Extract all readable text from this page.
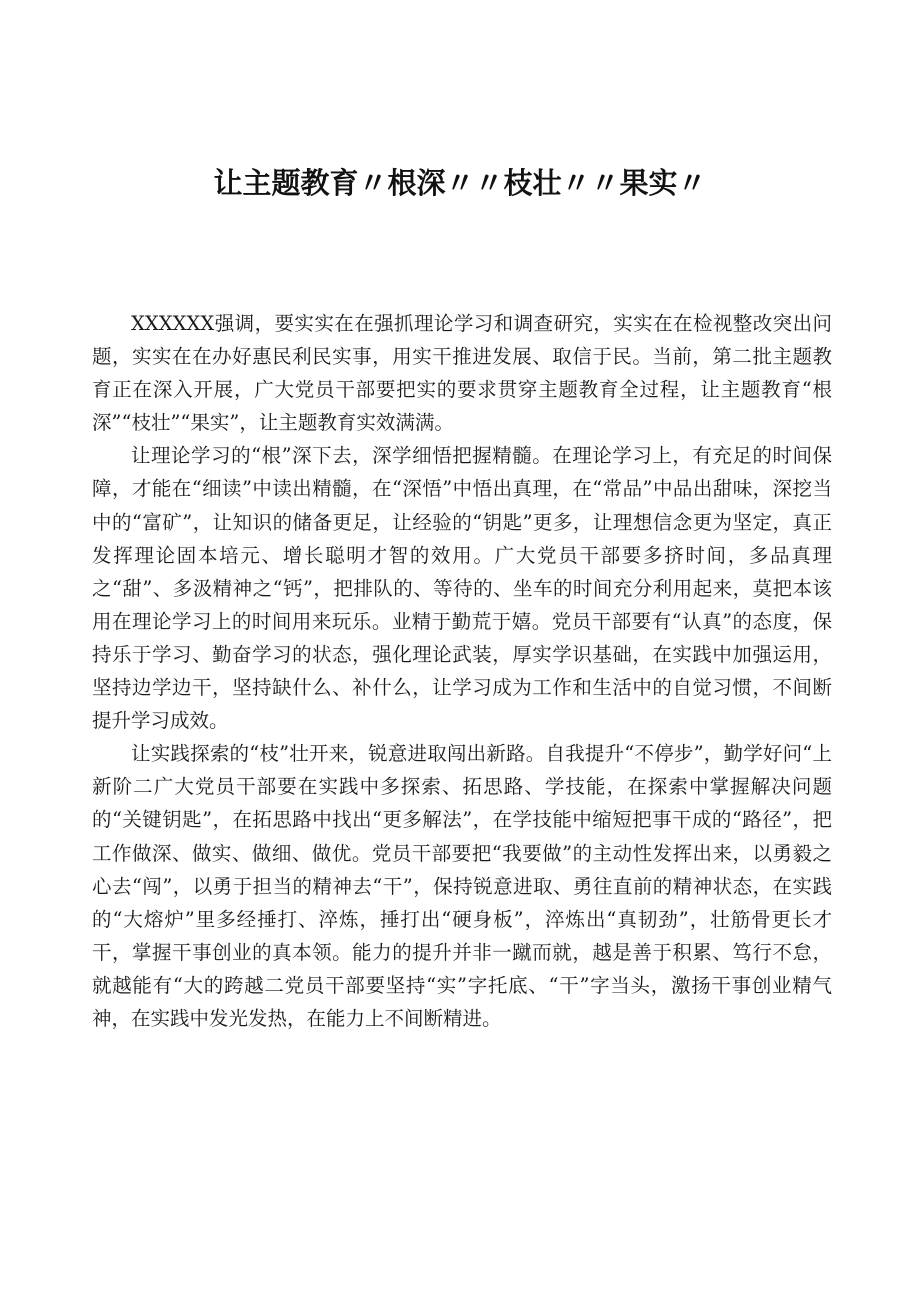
让主题教育〃根深〃〃枝壮〃〃果实〃

XXXXXX强调，要实实在在强抓理论学习和调查研究，实实在在检视整改突出问题，实实在在办好惠民利民实事，用实干推进发展、取信于民。当前，第二批主题教育正在深入开展，广大党员干部要把实的要求贯穿主题教育全过程，让主题教育“根深”“枝壮”“果实”，让主题教育实效满满。

让理论学习的“根”深下去，深学细悟把握精髓。在理论学习上，有充足的时间保障，才能在“细读”中读出精髓，在“深悟”中悟出真理，在“常品”中品出甜味，深挖当中的“富矿”，让知识的储备更足，让经验的“钥匙”更多，让理想信念更为坚定，真正发挥理论固本培元、增长聪明才智的效用。广大党员干部要多挤时间，多品真理之“甜”、多汲精神之“钙”，把排队的、等待的、坐车的时间充分利用起来，莫把本该用在理论学习上的时间用来玩乐。业精于勤荒于嬉。党员干部要有“认真”的态度，保持乐于学习、勤奋学习的状态，强化理论武装，厚实学识基础，在实践中加强运用，坚持边学边干，坚持缺什么、补什么，让学习成为工作和生活中的自觉习惯，不间断提升学习成效。

让实践探索的“枝”壮开来，锐意进取闯出新路。自我提升“不停步”，勤学好问“上新阶二广大党员干部要在实践中多探索、拓思路、学技能，在探索中掌握解决问题的“关键钥匙”，在拓思路中找出“更多解法”，在学技能中缩短把事干成的“路径”，把工作做深、做实、做细、做优。党员干部要把“我要做”的主动性发挥出来，以勇毅之心去“闯”，以勇于担当的精神去“干”，保持锐意进取、勇往直前的精神状态，在实践的“大熔炉”里多经捶打、淬炼，捶打出“硬身板”，淬炼出“真韧劲”，壮筋骨更长才干，掌握干事创业的真本领。能力的提升并非一蹴而就，越是善于积累、笃行不怠，就越能有“大的跨越二党员干部要坚持“实”字托底、“干”字当头，激扬干事创业精气神，在实践中发光发热，在能力上不间断精进。
